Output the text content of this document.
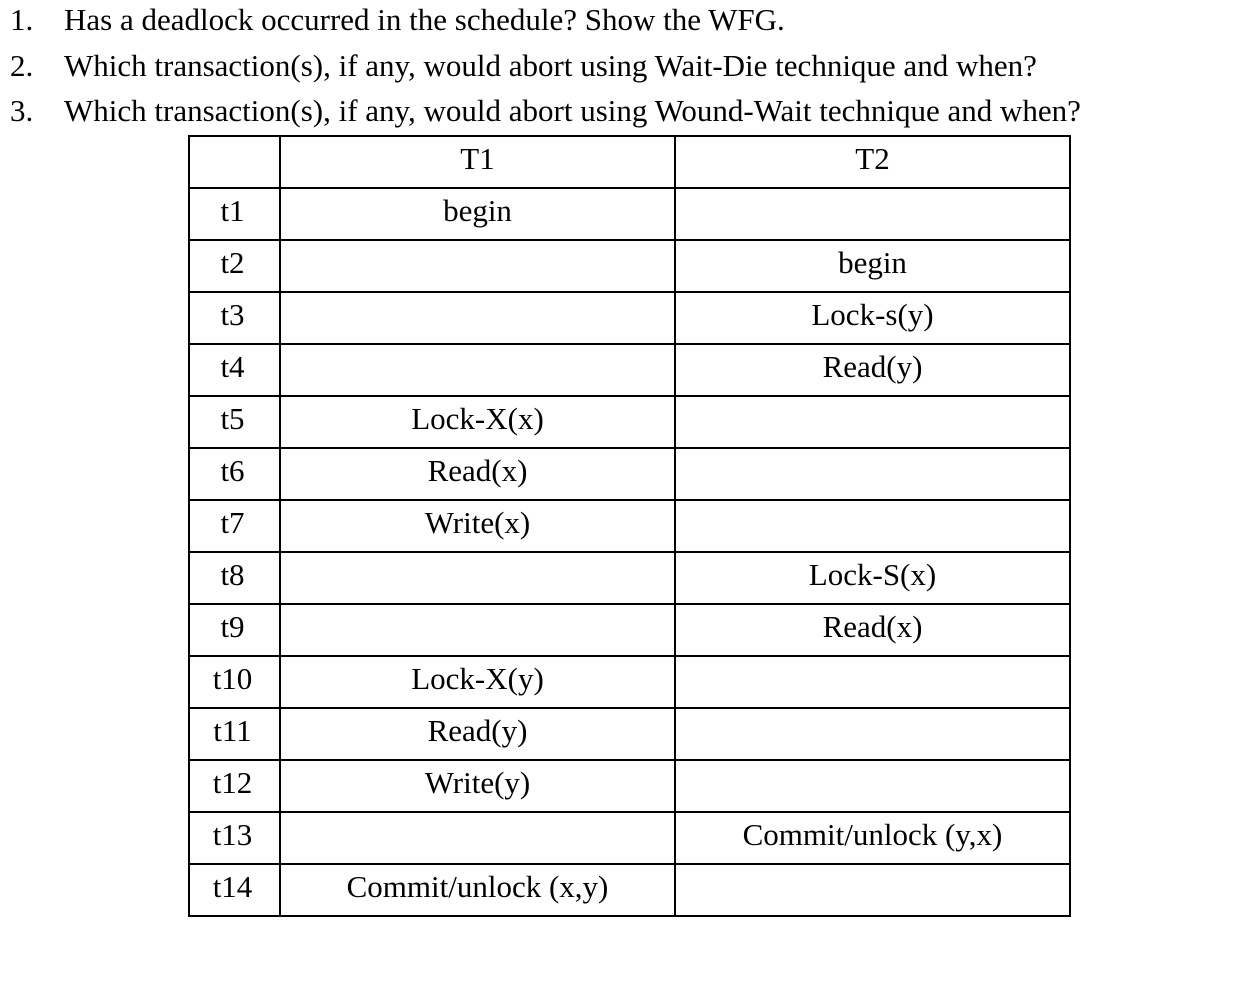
1. Has a deadlock occurred in the schedule? Show the WFG.
2. Which transaction(s), if any, would abort using Wait-Die technique and when?
3. Which transaction(s), if any, would abort using Wound-Wait technique and when?
	T1	T2
t1	begin	
t2		begin
t3		Lock-s(y)
t4		Read(y)
t5	Lock-X(x)	
t6	Read(x)	
t7	Write(x)	
t8		Lock-S(x)
t9		Read(x)
t10	Lock-X(y)	
t11	Read(y)	
t12	Write(y)	
t13		Commit/unlock (y,x)
t14	Commit/unlock (x,y)	
